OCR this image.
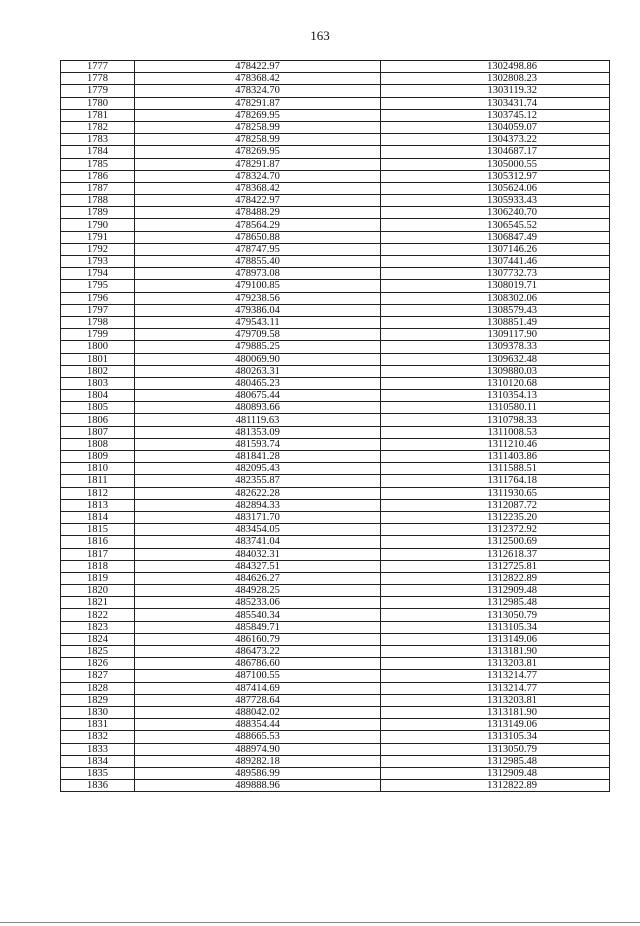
163
1777	478422.97	1302498.86
1778	478368.42	1302808.23
1779	478324.70	1303119.32
1780	478291.87	1303431.74
1781	478269.95	1303745.12
1782	478258.99	1304059.07
1783	478258.99	1304373.22
1784	478269.95	1304687.17
1785	478291.87	1305000.55
1786	478324.70	1305312.97
1787	478368.42	1305624.06
1788	478422.97	1305933.43
1789	478488.29	1306240.70
1790	478564.29	1306545.52
1791	478650.88	1306847.49
1792	478747.95	1307146.26
1793	478855.40	1307441.46
1794	478973.08	1307732.73
1795	479100.85	1308019.71
1796	479238.56	1308302.06
1797	479386.04	1308579.43
1798	479543.11	1308851.49
1799	479709.58	1309117.90
1800	479885.25	1309378.33
1801	480069.90	1309632.48
1802	480263.31	1309880.03
1803	480465.23	1310120.68
1804	480675.44	1310354.13
1805	480893.66	1310580.11
1806	481119.63	1310798.33
1807	481353.09	1311008.53
1808	481593.74	1311210.46
1809	481841.28	1311403.86
1810	482095.43	1311588.51
1811	482355.87	1311764.18
1812	482622.28	1311930.65
1813	482894.33	1312087.72
1814	483171.70	1312235.20
1815	483454.05	1312372.92
1816	483741.04	1312500.69
1817	484032.31	1312618.37
1818	484327.51	1312725.81
1819	484626.27	1312822.89
1820	484928.25	1312909.48
1821	485233.06	1312985.48
1822	485540.34	1313050.79
1823	485849.71	1313105.34
1824	486160.79	1313149.06
1825	486473.22	1313181.90
1826	486786.60	1313203.81
1827	487100.55	1313214.77
1828	487414.69	1313214.77
1829	487728.64	1313203.81
1830	488042.02	1313181.90
1831	488354.44	1313149.06
1832	488665.53	1313105.34
1833	488974.90	1313050.79
1834	489282.18	1312985.48
1835	489586.99	1312909.48
1836	489888.96	1312822.89
